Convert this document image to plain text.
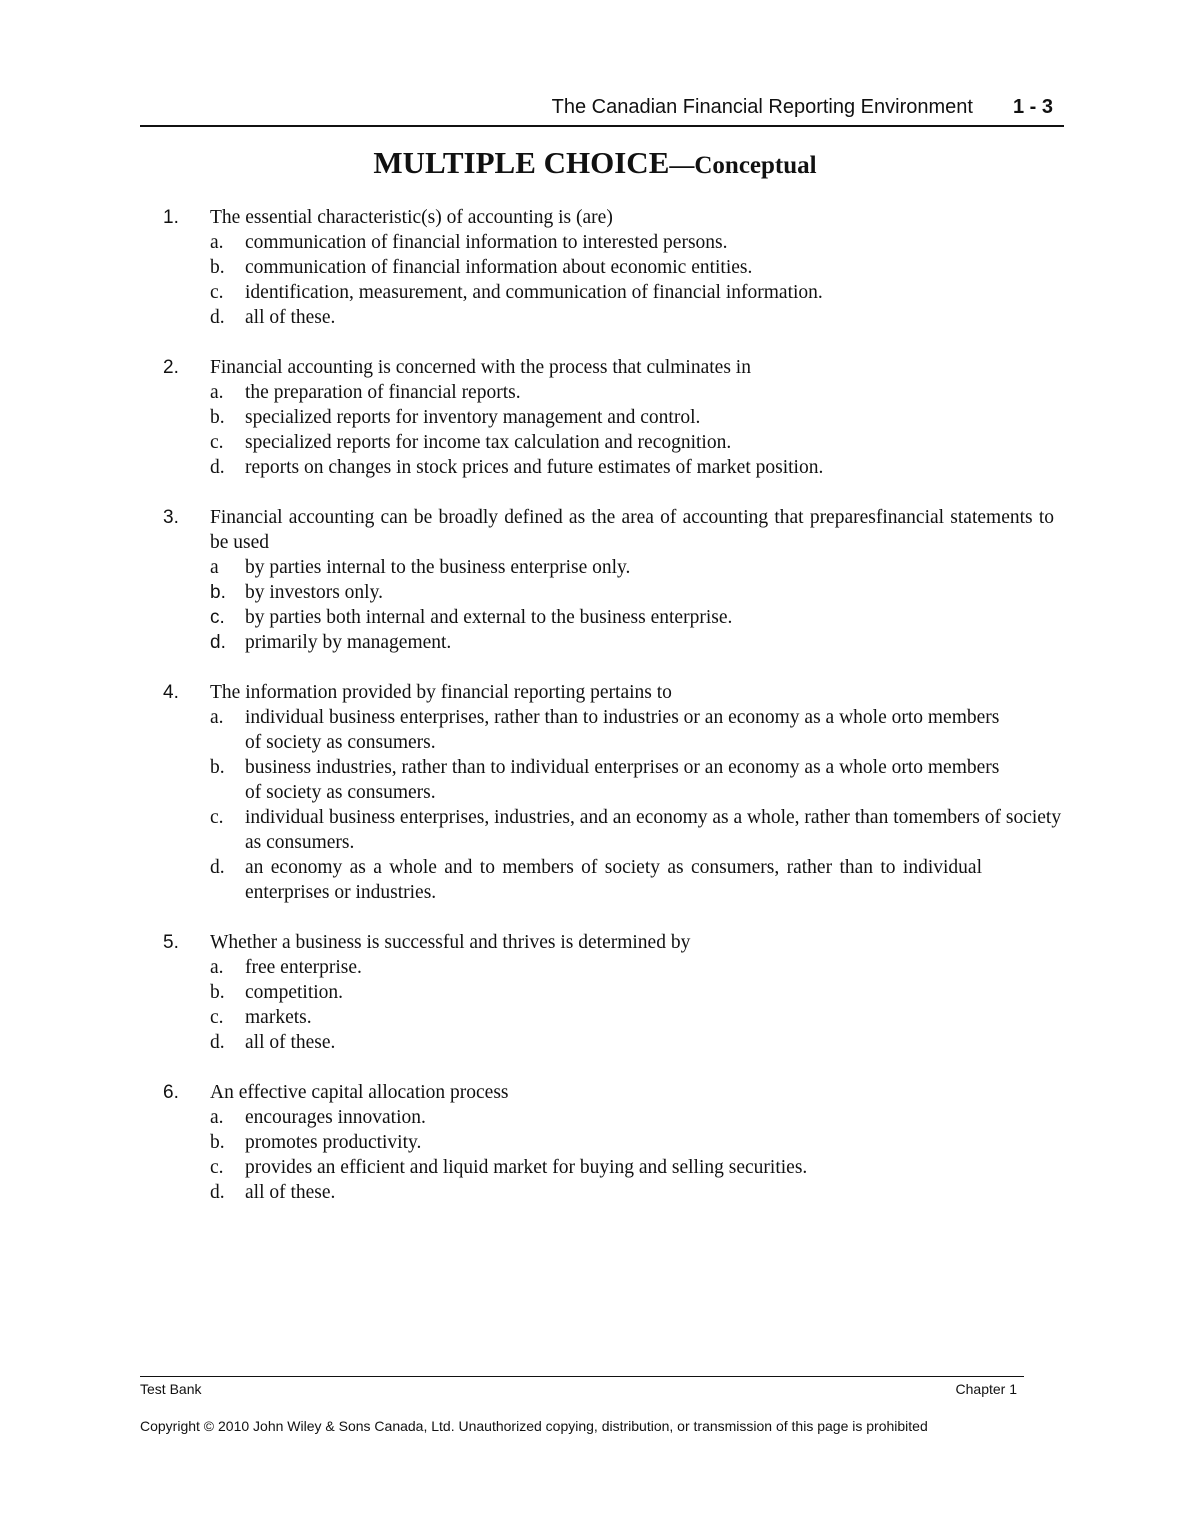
The Canadian Financial Reporting Environment 1 - 3
MULTIPLE CHOICE—Conceptual
1. The essential characteristic(s) of accounting is (are)
a. communication of financial information to interested persons.
b. communication of financial information about economic entities.
c. identification, measurement, and communication of financial information.
d. all of these.
2. Financial accounting is concerned with the process that culminates in
a. the preparation of financial reports.
b. specialized reports for inventory management and control.
c. specialized reports for income tax calculation and recognition.
d. reports on changes in stock prices and future estimates of market position.
3. Financial accounting can be broadly defined as the area of accounting that preparesfinancial statements to be used
a by parties internal to the business enterprise only.
b. by investors only.
c. by parties both internal and external to the business enterprise.
d. primarily by management.
4. The information provided by financial reporting pertains to
a. individual business enterprises, rather than to industries or an economy as a whole orto members of society as consumers.
b. business industries, rather than to individual enterprises or an economy as a whole orto members of society as consumers.
c. individual business enterprises, industries, and an economy as a whole, rather than tomembers of society as consumers.
d. an economy as a whole and to members of society as consumers, rather than to individual enterprises or industries.
5. Whether a business is successful and thrives is determined by
a. free enterprise.
b. competition.
c. markets.
d. all of these.
6. An effective capital allocation process
a. encourages innovation.
b. promotes productivity.
c. provides an efficient and liquid market for buying and selling securities.
d. all of these.
Test Bank	Chapter 1
Copyright © 2010 John Wiley & Sons Canada, Ltd. Unauthorized copying, distribution, or transmission of this page is prohibited
